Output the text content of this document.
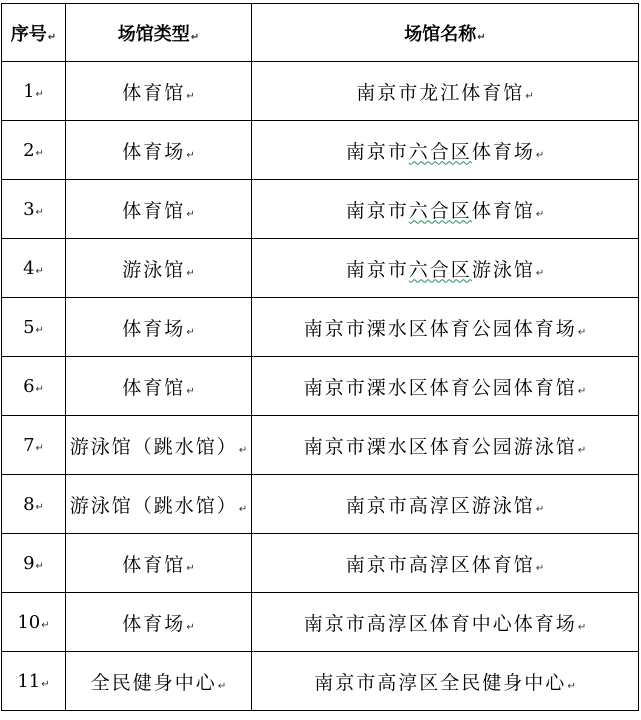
序号↵	场馆类型↵	场馆名称↵
1↵	体育馆↵	南京市龙江体育馆↵
2↵	体育场↵	南京市六合区体育场↵
3↵	体育馆↵	南京市六合区体育馆↵
4↵	游泳馆↵	南京市六合区游泳馆↵
5↵	体育场↵	南京市溧水区体育公园体育场↵
6↵	体育馆↵	南京市溧水区体育公园体育馆↵
7↵	游泳馆（跳水馆）↵	南京市溧水区体育公园游泳馆↵
8↵	游泳馆（跳水馆）↵	南京市高淳区游泳馆↵
9↵	体育馆↵	南京市高淳区体育馆↵
10↵	体育场↵	南京市高淳区体育中心体育场↵
11↵	全民健身中心↵	南京市高淳区全民健身中心↵
